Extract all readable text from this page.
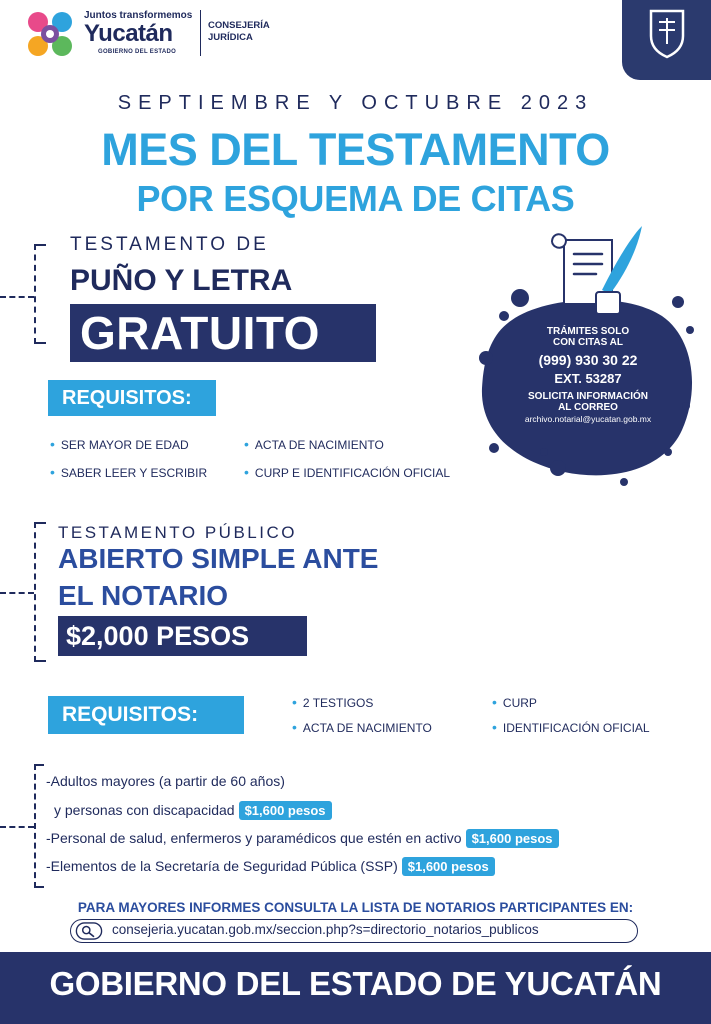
Juntos transformemos
Yucatán
GOBIERNO DEL ESTADO
CONSEJERÍA
JURÍDICA
SEPTIEMBRE Y OCTUBRE 2023
MES DEL TESTAMENTO
POR ESQUEMA DE CITAS
TESTAMENTO DE
PUÑO Y LETRA
GRATUITO
REQUISITOS:
• SER MAYOR DE EDAD	• ACTA DE NACIMIENTO
• SABER LEER Y ESCRIBIR	• CURP E IDENTIFICACIÓN OFICIAL
TRÁMITES SOLO
CON CITAS AL
(999) 930 30 22
EXT. 53287
SOLICITA INFORMACIÓN
AL CORREO
archivo.notarial@yucatan.gob.mx
TESTAMENTO PÚBLICO
ABIERTO SIMPLE ANTE
EL NOTARIO
$2,000 PESOS
REQUISITOS:	• 2 TESTIGOS	• CURP
• ACTA DE NACIMIENTO	• IDENTIFICACIÓN OFICIAL
-Adultos mayores (a partir de 60 años)
y personas con discapacidad $1,600 pesos
-Personal de salud, enfermeros y paramédicos que estén en activo $1,600 pesos
-Elementos de la Secretaría de Seguridad Pública (SSP) $1,600 pesos
PARA MAYORES INFORMES CONSULTA LA LISTA DE NOTARIOS PARTICIPANTES EN:
consejeria.yucatan.gob.mx/seccion.php?s=directorio_notarios_publicos
GOBIERNO DEL ESTADO DE YUCATÁN
